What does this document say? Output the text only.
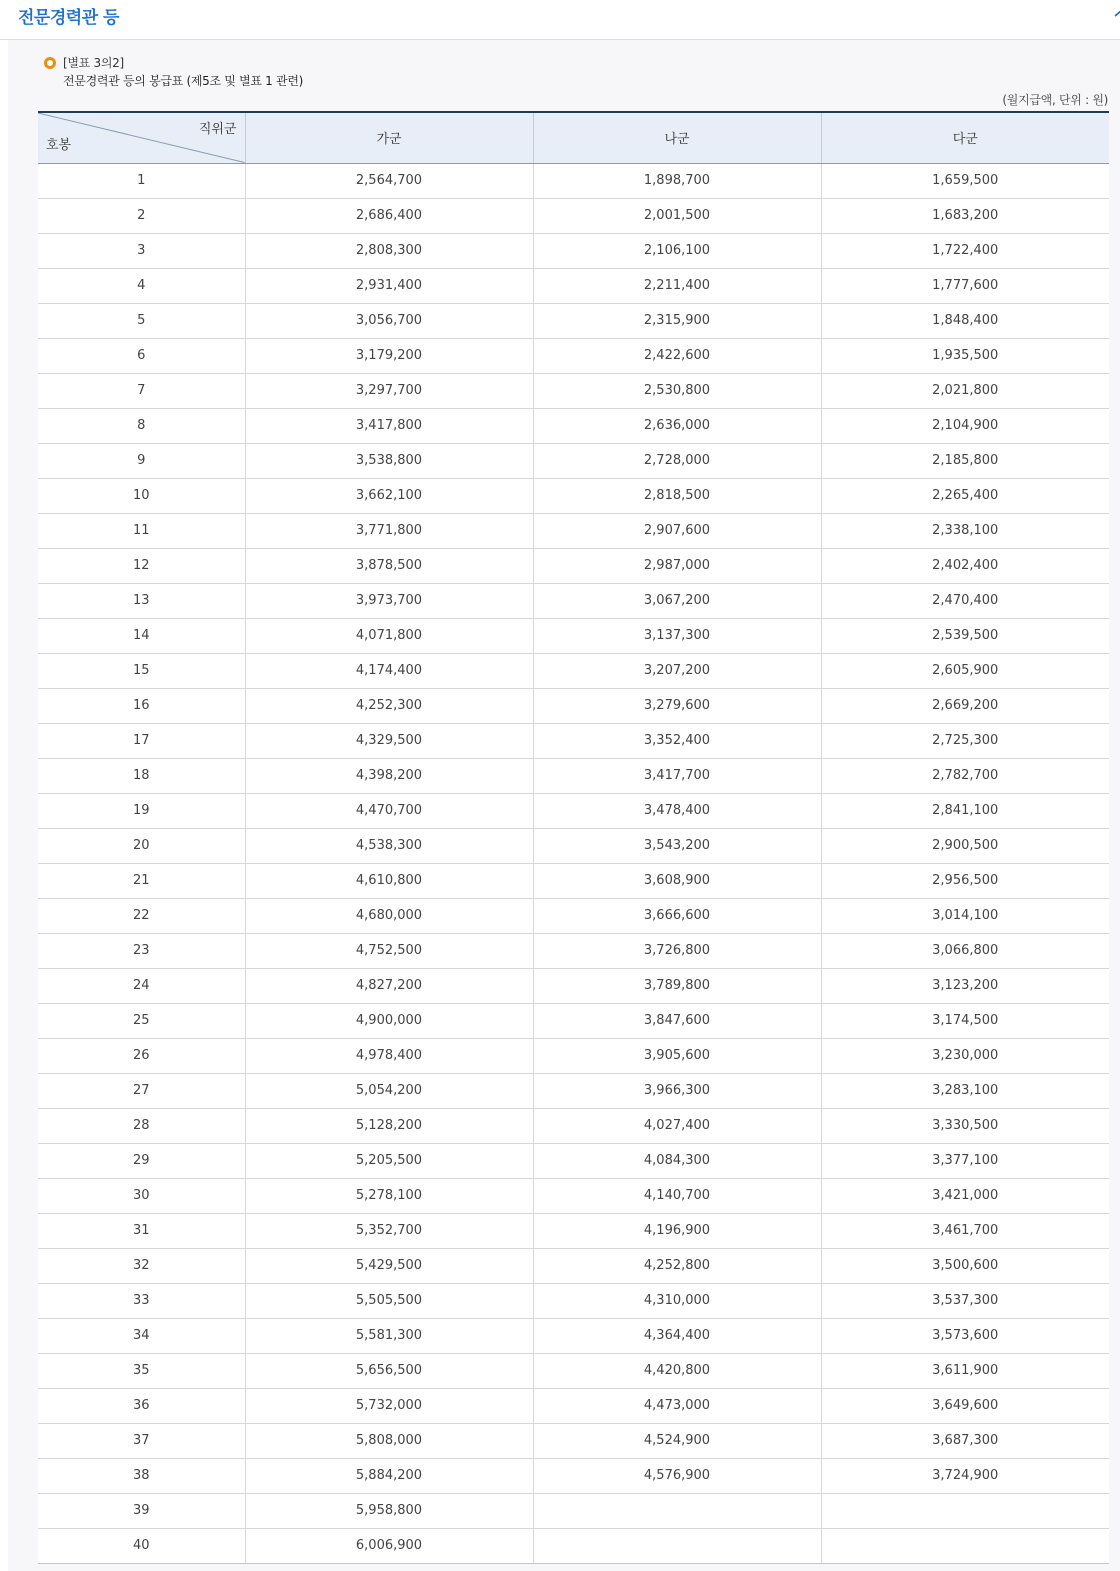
전문경력관 등
[별표 3의2]
전문경력관 등의 봉급표 (제5조 및 별표 1 관련)
(월지급액, 단위 : 원)
직위군
호봉	가군	나군	다군
1	2,564,700	1,898,700	1,659,500
2	2,686,400	2,001,500	1,683,200
3	2,808,300	2,106,100	1,722,400
4	2,931,400	2,211,400	1,777,600
5	3,056,700	2,315,900	1,848,400
6	3,179,200	2,422,600	1,935,500
7	3,297,700	2,530,800	2,021,800
8	3,417,800	2,636,000	2,104,900
9	3,538,800	2,728,000	2,185,800
10	3,662,100	2,818,500	2,265,400
11	3,771,800	2,907,600	2,338,100
12	3,878,500	2,987,000	2,402,400
13	3,973,700	3,067,200	2,470,400
14	4,071,800	3,137,300	2,539,500
15	4,174,400	3,207,200	2,605,900
16	4,252,300	3,279,600	2,669,200
17	4,329,500	3,352,400	2,725,300
18	4,398,200	3,417,700	2,782,700
19	4,470,700	3,478,400	2,841,100
20	4,538,300	3,543,200	2,900,500
21	4,610,800	3,608,900	2,956,500
22	4,680,000	3,666,600	3,014,100
23	4,752,500	3,726,800	3,066,800
24	4,827,200	3,789,800	3,123,200
25	4,900,000	3,847,600	3,174,500
26	4,978,400	3,905,600	3,230,000
27	5,054,200	3,966,300	3,283,100
28	5,128,200	4,027,400	3,330,500
29	5,205,500	4,084,300	3,377,100
30	5,278,100	4,140,700	3,421,000
31	5,352,700	4,196,900	3,461,700
32	5,429,500	4,252,800	3,500,600
33	5,505,500	4,310,000	3,537,300
34	5,581,300	4,364,400	3,573,600
35	5,656,500	4,420,800	3,611,900
36	5,732,000	4,473,000	3,649,600
37	5,808,000	4,524,900	3,687,300
38	5,884,200	4,576,900	3,724,900
39	5,958,800		
40	6,006,900		
